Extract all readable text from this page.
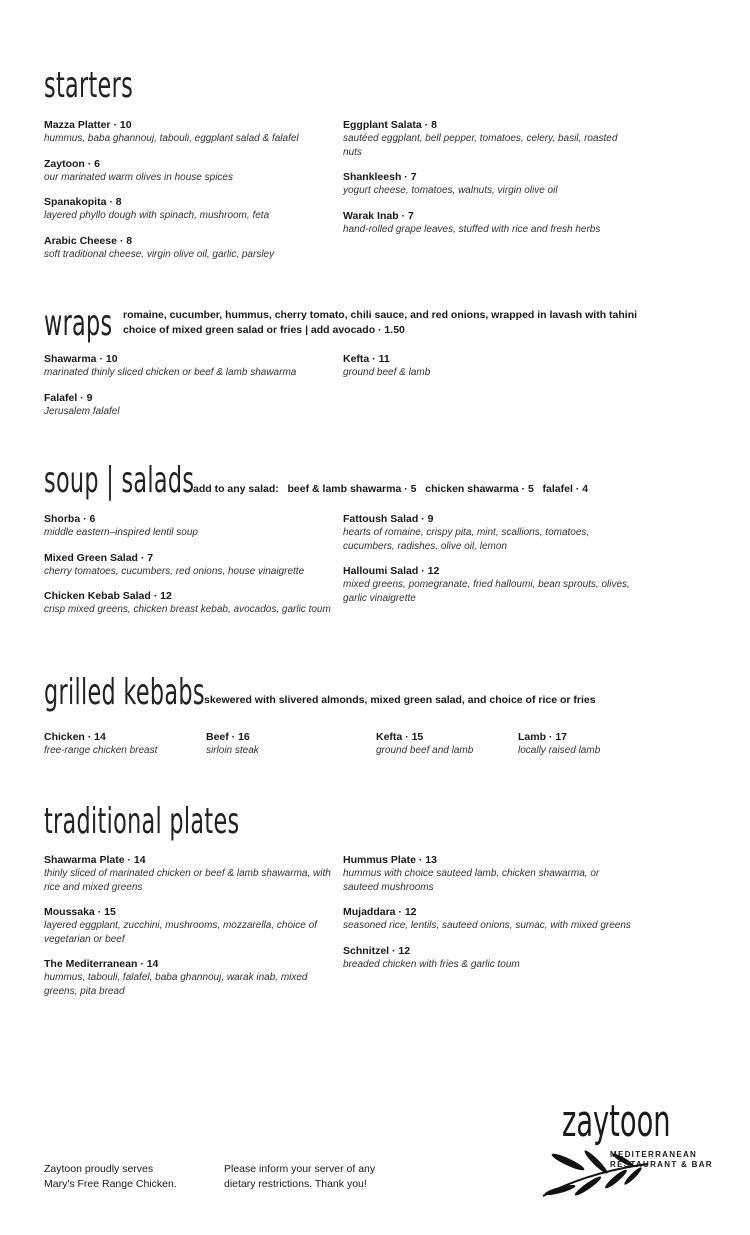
starters
Mazza Platter · 10
hummus, baba ghannouj, tabouli, eggplant salad & falafel
Zaytoon · 6
our marinated warm olives in house spices
Spanakopita · 8
layered phyllo dough with spinach, mushroom, feta
Arabic Cheese · 8
soft traditional cheese, virgin olive oil, garlic, parsley
Eggplant Salata · 8
sautéed eggplant, bell pepper, tomatoes, celery, basil, roasted nuts
Shankleesh · 7
yogurt cheese, tomatoes, walnuts, virgin olive oil
Warak Inab · 7
hand-rolled grape leaves, stuffed with rice and fresh herbs
wraps romaine, cucumber, hummus, cherry tomato, chili sauce, and red onions, wrapped in lavash with tahini
choice of mixed green salad or fries | add avocado · 1.50
Shawarma · 10
marinated thinly sliced chicken or beef & lamb shawarma
Falafel · 9
Jerusalem falafel
Kefta · 11
ground beef & lamb
soup | salads
add to any salad:   beef & lamb shawarma · 5   chicken shawarma · 5   falafel · 4
Shorba · 6
middle eastern–inspired lentil soup
Mixed Green Salad · 7
cherry tomatoes, cucumbers, red onions, house vinaigrette
Chicken Kebab Salad · 12
crisp mixed greens, chicken breast kebab, avocados, garlic toum
Fattoush Salad · 9
hearts of romaine, crispy pita, mint, scallions, tomatoes, cucumbers, radishes, olive oil, lemon
Halloumi Salad · 12
mixed greens, pomegranate, fried halloumi, bean sprouts, olives, garlic vinaigrette
grilled kebabs skewered with slivered almonds, mixed green salad, and choice of rice or fries
Chicken · 14
free-range chicken breast
Beef · 16
sirloin steak
Kefta · 15
ground beef and lamb
Lamb · 17
locally raised lamb
traditional plates
Shawarma Plate · 14
thinly sliced of marinated chicken or beef & lamb shawarma, with rice and mixed greens
Moussaka · 15
layered eggplant, zucchini, mushrooms, mozzarella, choice of vegetarian or beef
The Mediterranean · 14
hummus, tabouli, falafel, baba ghannouj, warak inab, mixed greens, pita bread
Hummus Plate · 13
hummus with choice sauteed lamb, chicken shawarma, or sauteed mushrooms
Mujaddara · 12
seasoned rice, lentils, sauteed onions, sumac, with mixed greens
Schnitzel · 12
breaded chicken with fries & garlic toum
Zaytoon proudly serves
Mary's Free Range Chicken.
Please inform your server of any
dietary restrictions. Thank you!
zaytoon
MEDITERRANEAN
RESTAURANT & BAR
